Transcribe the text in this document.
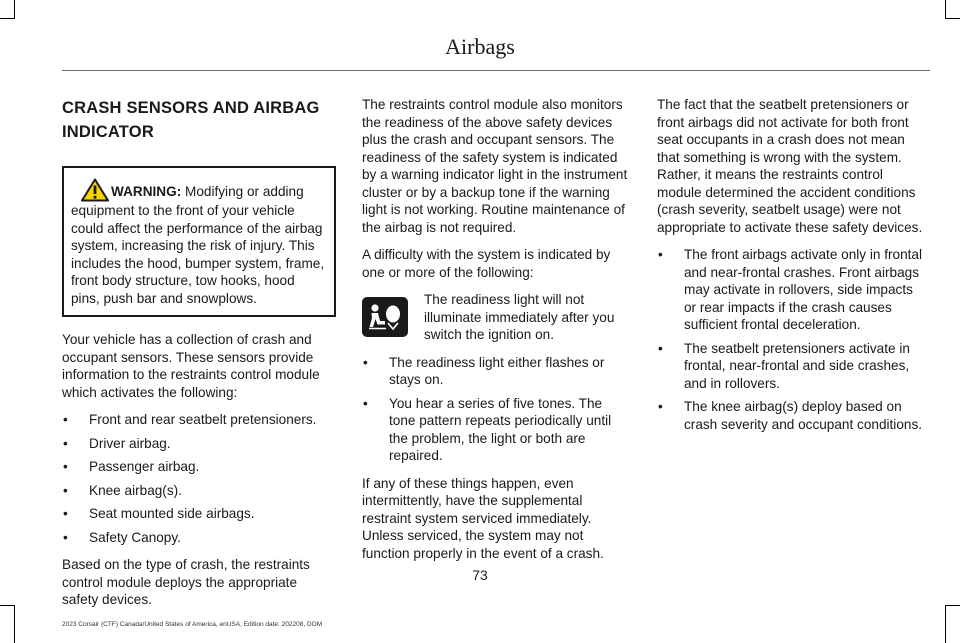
Airbags
CRASH SENSORS AND AIRBAG
INDICATOR
WARNING: Modifying or adding equipment to the front of your vehicle could affect the performance of the airbag system, increasing the risk of injury. This includes the hood, bumper system, frame, front body structure, tow hooks, hood pins, push bar and snowplows.

Your vehicle has a collection of crash and occupant sensors. These sensors provide information to the restraints control module which activates the following:

• Front and rear seatbelt pretensioners.
• Driver airbag.
• Passenger airbag.
• Knee airbag(s).
• Seat mounted side airbags.
• Safety Canopy.

Based on the type of crash, the restraints control module deploys the appropriate safety devices.

The restraints control module also monitors the readiness of the above safety devices plus the crash and occupant sensors. The readiness of the safety system is indicated by a warning indicator light in the instrument cluster or by a backup tone if the warning light is not working. Routine maintenance of the airbag is not required.

A difficulty with the system is indicated by one or more of the following:

The readiness light will not illuminate immediately after you switch the ignition on.
• The readiness light either flashes or stays on.
• You hear a series of five tones. The tone pattern repeats periodically until the problem, the light or both are repaired.

If any of these things happen, even intermittently, have the supplemental restraint system serviced immediately. Unless serviced, the system may not function properly in the event of a crash.

The fact that the seatbelt pretensioners or front airbags did not activate for both front seat occupants in a crash does not mean that something is wrong with the system. Rather, it means the restraints control module determined the accident conditions (crash severity, seatbelt usage) were not appropriate to activate these safety devices.

• The front airbags activate only in frontal and near-frontal crashes. Front airbags may activate in rollovers, side impacts or rear impacts if the crash causes sufficient frontal deceleration.
• The seatbelt pretensioners activate in frontal, near-frontal and side crashes, and in rollovers.
• The knee airbag(s) deploy based on crash severity and occupant conditions.
73
2023 Corsair (CTF) Canada/United States of America, enUSA, Edition date: 202208, DOM
